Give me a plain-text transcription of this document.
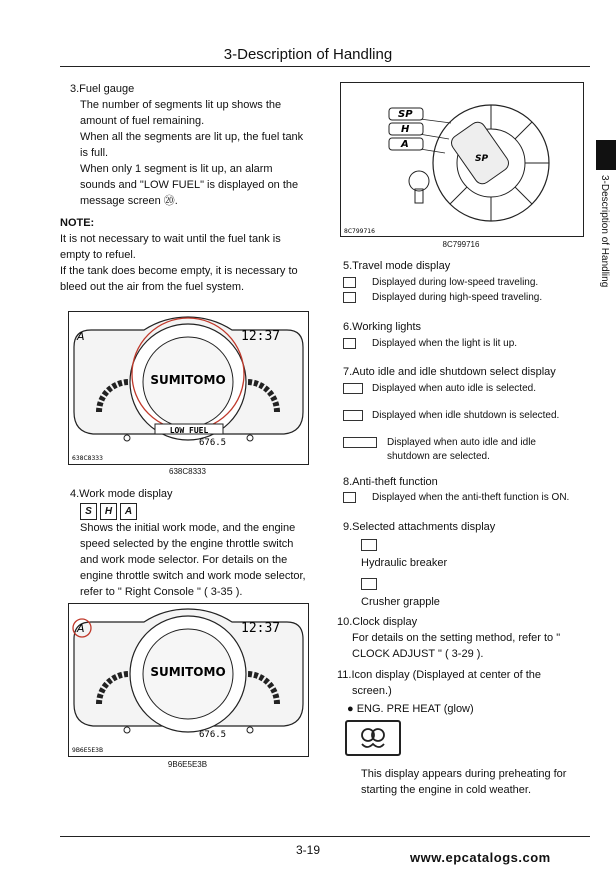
3-Description of Handling
3-Description of Handling
3.Fuel gauge
The number of segments lit up shows the
amount of fuel remaining.
When all the segments are lit up, the fuel tank
is full.
When only 1 segment is lit up, an alarm
sounds and "LOW FUEL" is displayed on the
message screen ⑳.
NOTE:
It is not necessary to wait until the fuel tank is
empty to refuel.
If the tank does become empty, it is necessary to
bleed out the air from the fuel system.
A	12:37
SUMITOMO
LOW FUEL
676.5
638C8333
638C8333
4.Work mode display
S H A
Shows the initial work mode, and the engine
speed selected by the engine throttle switch
and work mode selector. For details on the
engine throttle switch and work mode selector,
refer to " Right Console " ( 3-35 ).
A	12:37
SUMITOMO
676.5
9B6E5E3B
9B6E5E3B
SP
SP
H
A
8C799716
8C799716
5.Travel mode display
Displayed during low-speed traveling.
Displayed during high-speed traveling.
6.Working lights
Displayed when the light is lit up.
7.Auto idle and idle shutdown select display
Displayed when auto idle is selected.
Displayed when idle shutdown is selected.
Displayed when auto idle and idle
shutdown are selected.
8.Anti-theft function
Displayed when the anti-theft function is ON.
9.Selected attachments display
Hydraulic breaker
Crusher grapple
10.Clock display
For details on the setting method, refer to "
CLOCK ADJUST " ( 3-29 ).
11.Icon display (Displayed at center of the
screen.)
● ENG. PRE HEAT (glow)
This display appears during preheating for
starting the engine in cold weather.
3-19	www.epcatalogs.com
